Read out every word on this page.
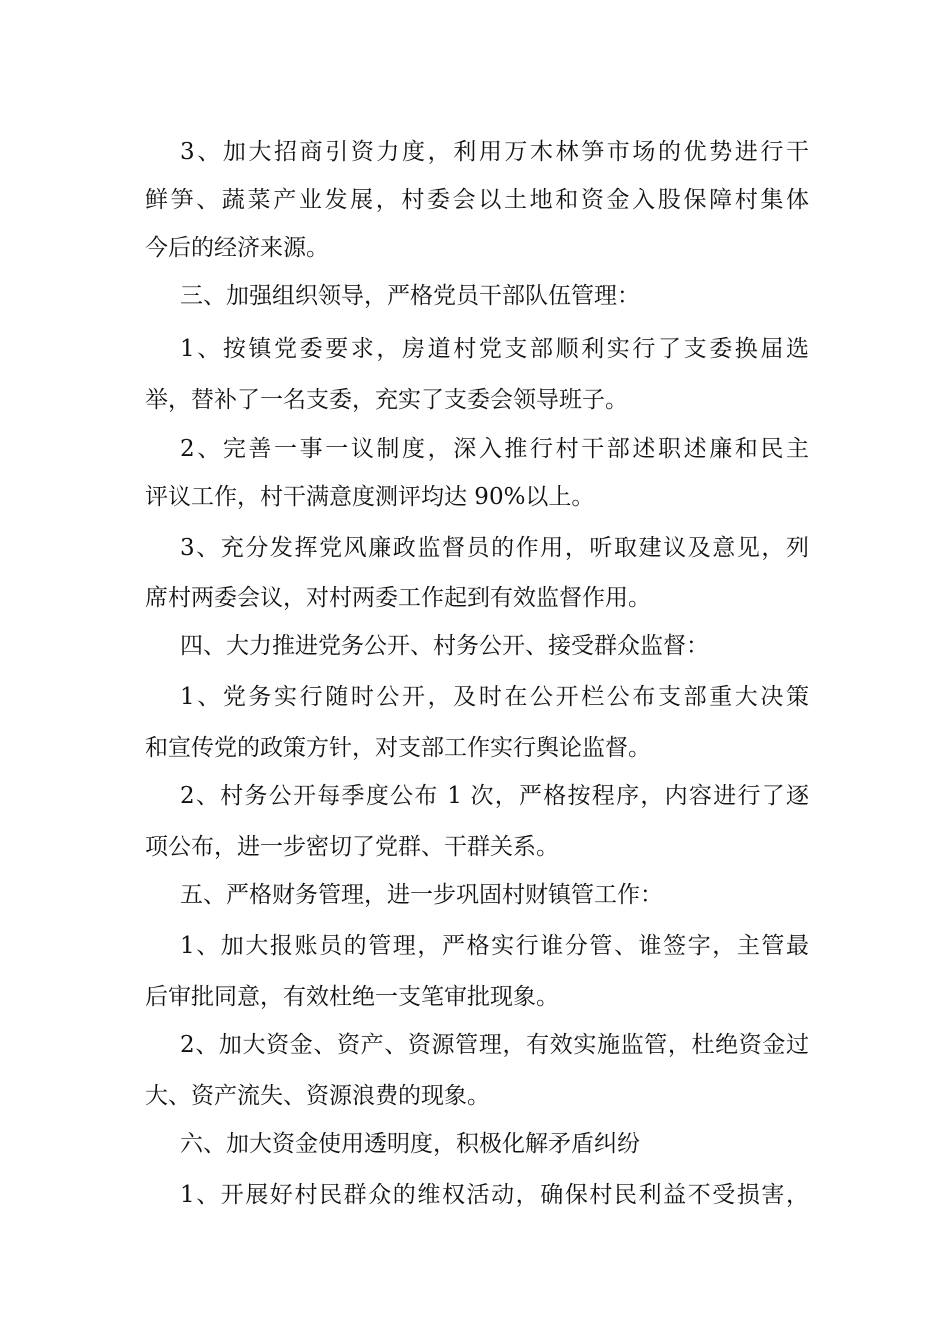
3、加大招商引资力度，利用万木林笋市场的优势进行干

鲜笋、蔬菜产业发展，村委会以土地和资金入股保障村集体

今后的经济来源。

三、加强组织领导，严格党员干部队伍管理：

1、按镇党委要求，房道村党支部顺利实行了支委换届选

举，替补了一名支委，充实了支委会领导班子。

2、完善一事一议制度，深入推行村干部述职述廉和民主

评议工作，村干满意度测评均达 90%以上。

3、充分发挥党风廉政监督员的作用，听取建议及意见，列

席村两委会议，对村两委工作起到有效监督作用。

四、大力推进党务公开、村务公开、接受群众监督：

1、党务实行随时公开，及时在公开栏公布支部重大决策

和宣传党的政策方针，对支部工作实行舆论监督。

2、村务公开每季度公布 1 次，严格按程序，内容进行了逐

项公布，进一步密切了党群、干群关系。

五、严格财务管理，进一步巩固村财镇管工作：

1、加大报账员的管理，严格实行谁分管、谁签字，主管最

后审批同意，有效杜绝一支笔审批现象。

2、加大资金、资产、资源管理，有效实施监管，杜绝资金过

大、资产流失、资源浪费的现象。

六、加大资金使用透明度，积极化解矛盾纠纷

1、开展好村民群众的维权活动，确保村民利益不受损害，
